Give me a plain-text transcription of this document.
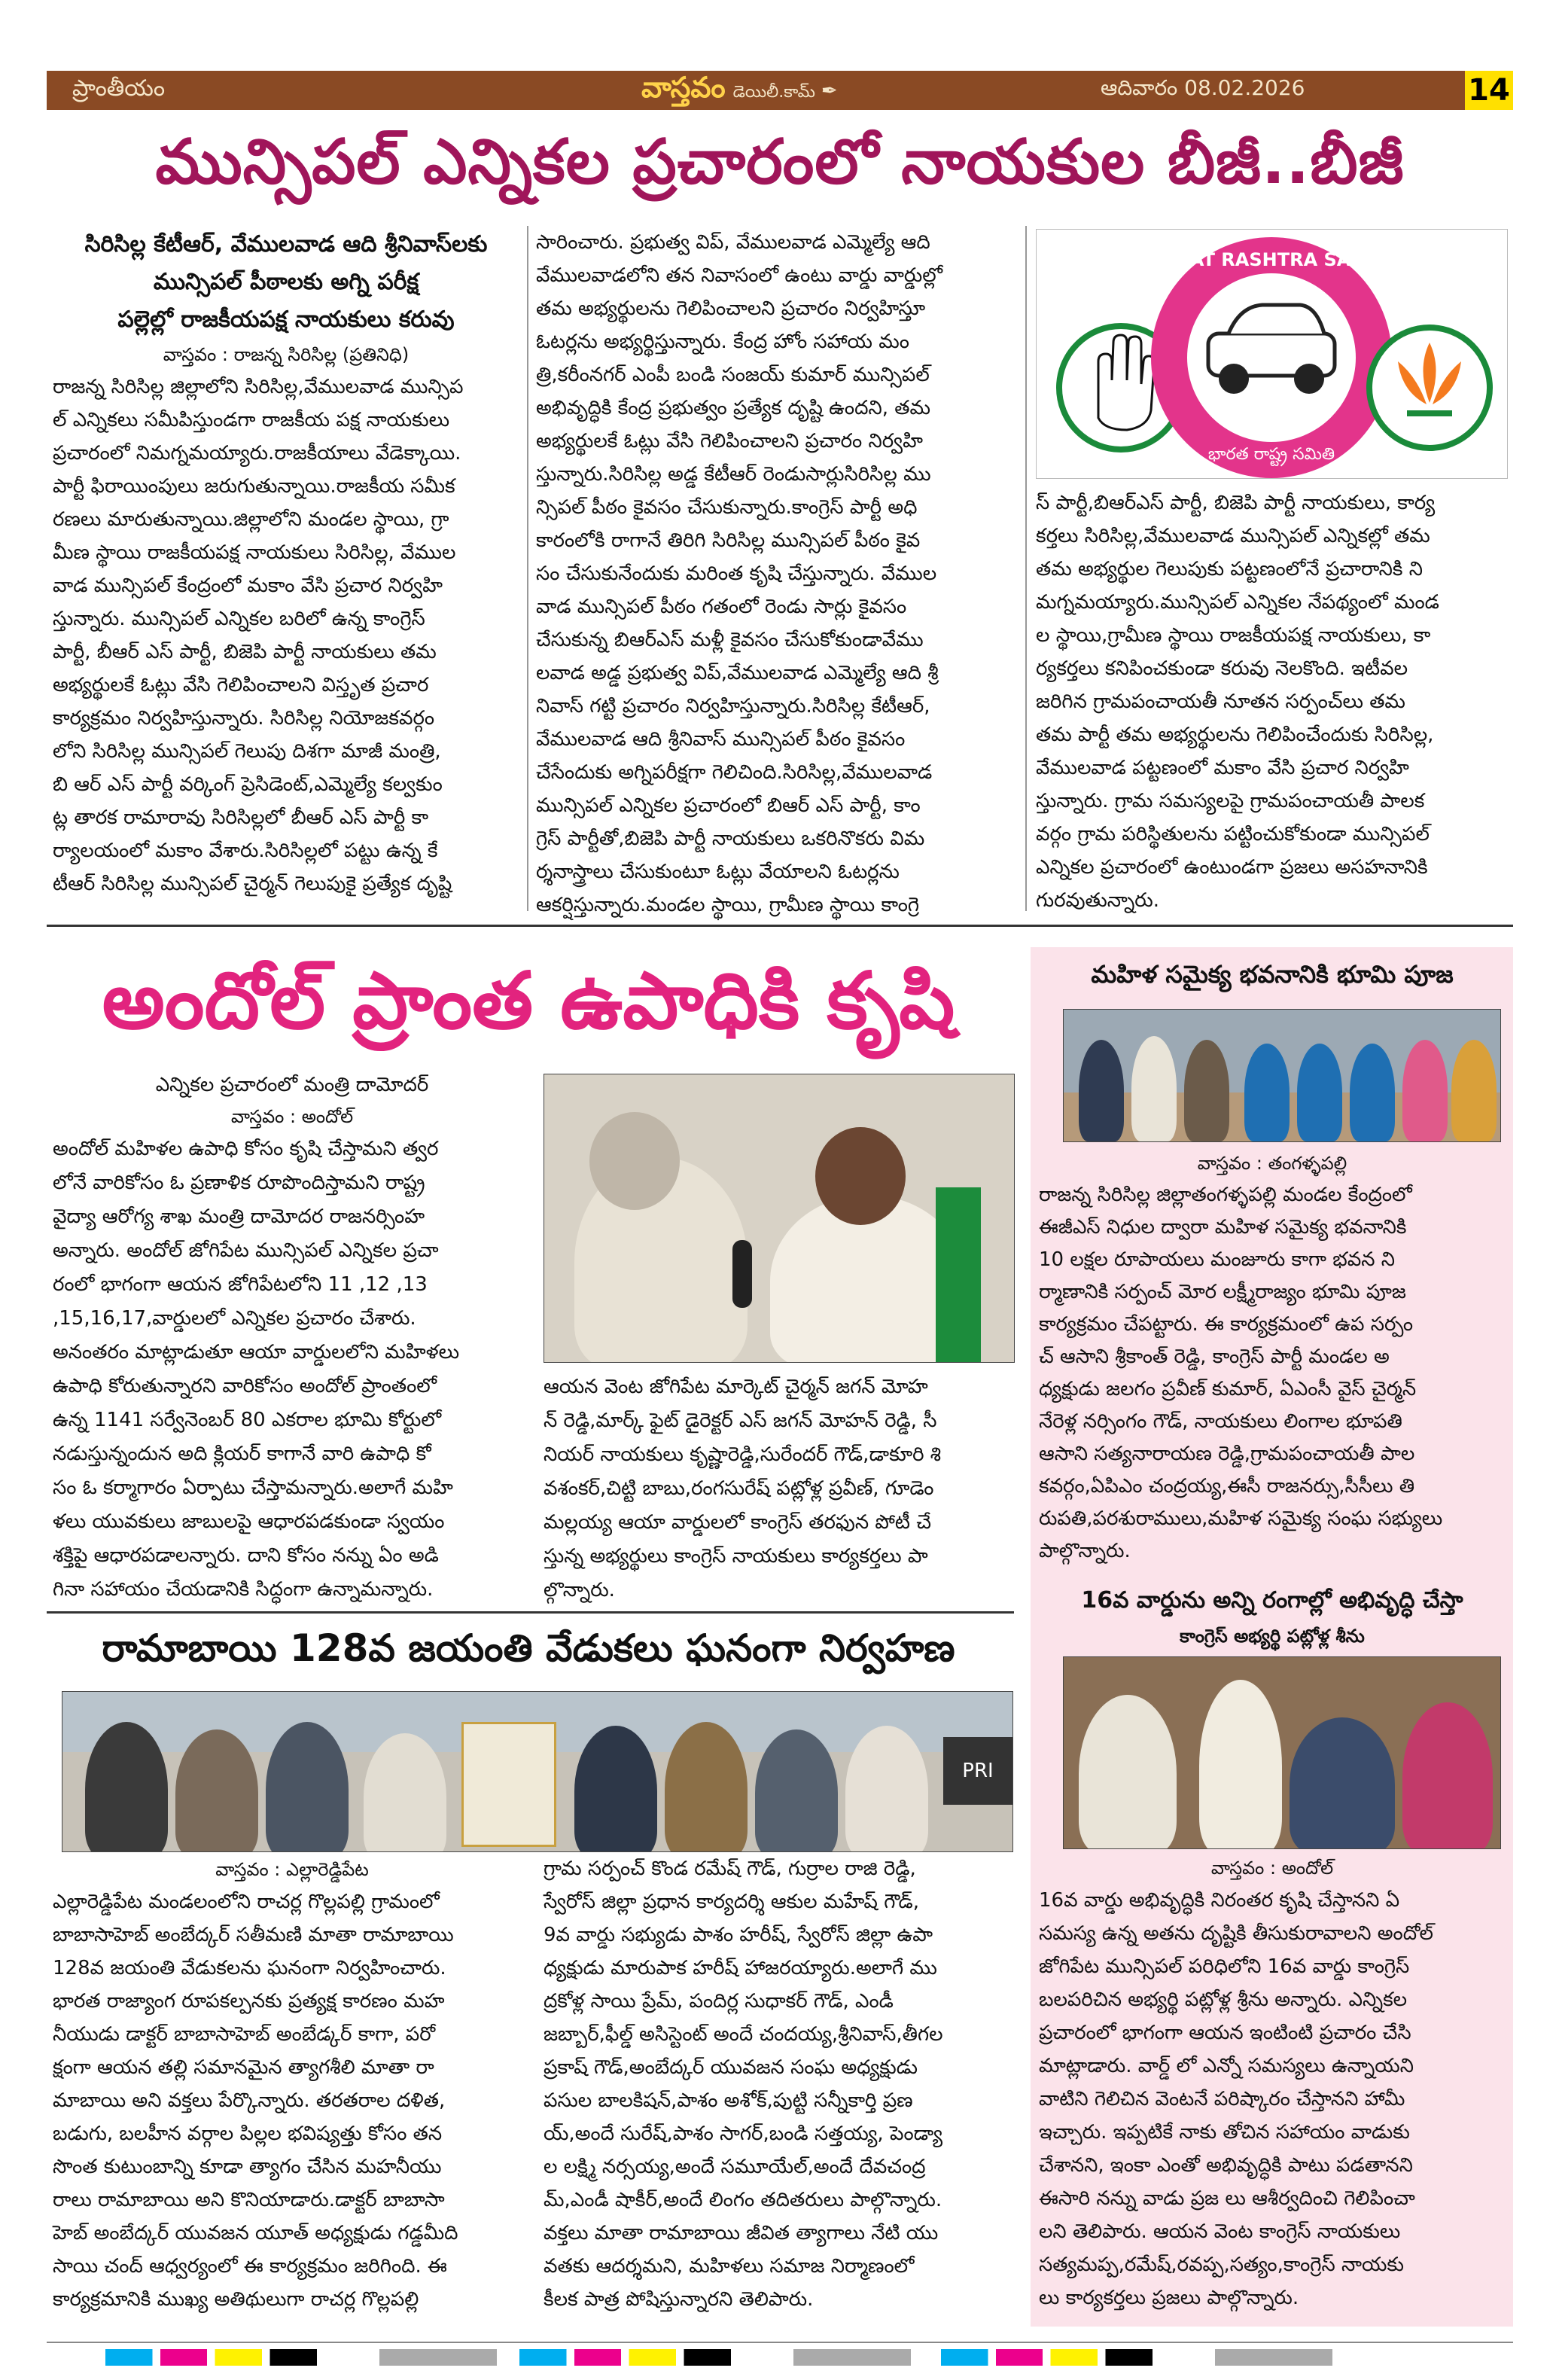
ప్రాంతీయం	వాస్తవం డెయిలీ.కామ్ ✒	ఆదివారం 08.02.2026	14
మున్సిపల్ ఎన్నికల ప్రచారంలో నాయకుల బీజీ..బీజీ

సిరిసిల్ల కేటీఆర్, వేములవాడ ఆది శ్రీనివాస్‌లకు

మున్సిపల్ పీఠాలకు అగ్ని పరీక్ష

పల్లెల్లో రాజకీయపక్ష నాయకులు కరువు

వాస్తవం : రాజన్న సిరిసిల్ల (ప్రతినిధి)

రాజన్న సిరిసిల్ల జిల్లాలోని సిరిసిల్ల,వేములవాడ మున్సిప

ల్ ఎన్నికలు సమీపిస్తుండగా రాజకీయ పక్ష నాయకులు

ప్రచారంలో నిమగ్నమయ్యారు.రాజకీయాలు వేడెక్కాయి.

పార్టీ ఫిరాయింపులు జరుగుతున్నాయి.రాజకీయ సమీక

రణలు మారుతున్నాయి.జిల్లాలోని మండల స్థాయి, గ్రా

మీణ స్థాయి రాజకీయపక్ష నాయకులు సిరిసిల్ల, వేముల

వాడ మున్సిపల్ కేంద్రంలో మకాం వేసి ప్రచార నిర్వహి

స్తున్నారు. మున్సిపల్ ఎన్నికల బరిలో ఉన్న కాంగ్రెస్

పార్టీ, బీఆర్ ఎస్ పార్టీ, బిజెపి పార్టీ నాయకులు తమ

అభ్యర్థులకే ఓట్లు వేసి గెలిపించాలని విస్తృత ప్రచార

కార్యక్రమం నిర్వహిస్తున్నారు. సిరిసిల్ల నియోజకవర్గం

లోని సిరిసిల్ల మున్సిపల్ గెలుపు దిశగా మాజీ మంత్రి,

బి ఆర్ ఎస్ పార్టీ వర్కింగ్ ప్రెసిడెంట్,ఎమ్మెల్యే కల్వకుం

ట్ల తారక రామారావు సిరిసిల్లలో బీఆర్ ఎస్ పార్టీ కా

ర్యాలయంలో మకాం వేశారు.సిరిసిల్లలో పట్టు ఉన్న కే

టీఆర్ సిరిసిల్ల మున్సిపల్ చైర్మన్ గెలుపుకై ప్రత్యేక దృష్టి

సారించారు. ప్రభుత్వ విప్, వేములవాడ ఎమ్మెల్యే ఆది

వేములవాడలోని తన నివాసంలో ఉంటు వార్డు వార్డుల్లో

తమ అభ్యర్థులను గెలిపించాలని ప్రచారం నిర్వహిస్తూ

ఓటర్లను అభ్యర్థిస్తున్నారు. కేంద్ర హోం సహాయ మం

త్రి,కరీంనగర్ ఎంపీ బండి సంజయ్ కుమార్ మున్సిపల్

అభివృద్ధికి కేంద్ర ప్రభుత్వం ప్రత్యేక దృష్టి ఉందని, తమ

అభ్యర్థులకే ఓట్లు వేసి గెలిపించాలని ప్రచారం నిర్వహి

స్తున్నారు.సిరిసిల్ల అడ్డ కేటీఆర్ రెండుసార్లుసిరిసిల్ల ము

న్సిపల్ పీఠం కైవసం చేసుకున్నారు.కాంగ్రెస్ పార్టీ అధి

కారంలోకి రాగానే తిరిగి సిరిసిల్ల మున్సిపల్ పీఠం కైవ

సం చేసుకునేందుకు మరింత కృషి చేస్తున్నారు. వేముల

వాడ మున్సిపల్ పీఠం గతంలో రెండు సార్లు కైవసం

చేసుకున్న బిఆర్ఎస్ మళ్లీ కైవసం చేసుకోకుండావేము

లవాడ అడ్డ ప్రభుత్వ విప్,వేములవాడ ఎమ్మెల్యే ఆది శ్రీ

నివాస్ గట్టి ప్రచారం నిర్వహిస్తున్నారు.సిరిసిల్ల కేటీఆర్,

వేములవాడ ఆది శ్రీనివాస్ మున్సిపల్ పీఠం కైవసం

చేసేందుకు అగ్నిపరీక్షగా గెలిచింది.సిరిసిల్ల,వేములవాడ

మున్సిపల్ ఎన్నికల ప్రచారంలో బిఆర్ ఎస్ పార్టీ, కాం

గ్రెస్ పార్టీతో,బిజెపి పార్టీ నాయకులు ఒకరినొకరు విమ

ర్శనాస్త్రాలు చేసుకుంటూ ఓట్లు వేయాలని ఓటర్లను

ఆకర్షిస్తున్నారు.మండల స్థాయి, గ్రామీణ స్థాయి కాంగ్రె

BHARAT RASHTRA SAMITHI
భారత రాష్ట్ర సమితి

స్ పార్టీ,బిఆర్ఎస్ పార్టీ, బిజెపి పార్టీ నాయకులు, కార్య

కర్తలు సిరిసిల్ల,వేములవాడ మున్సిపల్ ఎన్నికల్లో తమ

తమ అభ్యర్థుల గెలుపుకు పట్టణంలోనే ప్రచారానికి ని

మగ్నమయ్యారు.మున్సిపల్ ఎన్నికల నేపథ్యంలో మండ

ల స్థాయి,గ్రామీణ స్థాయి రాజకీయపక్ష నాయకులు, కా

ర్యకర్తలు కనిపించకుండా కరువు నెలకొంది. ఇటీవల

జరిగిన గ్రామపంచాయతీ నూతన సర్పంచ్‌లు తమ

తమ పార్టీ తమ అభ్యర్థులను గెలిపించేందుకు సిరిసిల్ల,

వేములవాడ పట్టణంలో మకాం వేసి ప్రచార నిర్వహి

స్తున్నారు. గ్రామ సమస్యలపై గ్రామపంచాయతీ పాలక

వర్గం గ్రామ పరిస్థితులను పట్టించుకోకుండా మున్సిపల్

ఎన్నికల ప్రచారంలో ఉంటుండగా ప్రజలు అసహనానికి

గురవుతున్నారు.

అందోల్ ప్రాంత ఉపాధికి కృషి

ఎన్నికల ప్రచారంలో మంత్రి దామోదర్

వాస్తవం : అందోల్

అందోల్ మహిళల ఉపాధి కోసం కృషి చేస్తామని త్వర

లోనే వారికోసం ఓ ప్రణాళిక రూపొందిస్తామని రాష్ట్ర

వైద్యా ఆరోగ్య శాఖ మంత్రి దామోదర రాజనర్సింహ

అన్నారు. అందోల్ జోగిపేట మున్సిపల్ ఎన్నికల ప్రచా

రంలో భాగంగా ఆయన జోగిపేటలోని 11 ,12 ,13

,15,16,17,వార్డులలో ఎన్నికల ప్రచారం చేశారు.

అనంతరం మాట్లాడుతూ ఆయా వార్డులలోని మహిళలు

ఉపాధి కోరుతున్నారని వారికోసం అందోల్ ప్రాంతంలో

ఉన్న 1141 సర్వేనెంబర్ 80 ఎకరాల భూమి కోర్టులో

నడుస్తున్నందున అది క్లియర్ కాగానే వారి ఉపాధి కో

సం ఓ కర్మాగారం ఏర్పాటు చేస్తామన్నారు.అలాగే మహి

ళలు యువకులు జాబులపై ఆధారపడకుండా స్వయం

శక్తిపై ఆధారపడాలన్నారు. దాని కోసం నన్ను ఏం అడి

గినా సహాయం చేయడానికి సిద్ధంగా ఉన్నామన్నారు.

ఆయన వెంట జోగిపేట మార్కెట్ చైర్మన్ జగన్ మోహ

న్ రెడ్డి,మార్క్ ఫైట్ డైరెక్టర్ ఎస్ జగన్ మోహన్ రెడ్డి, సీ

నియర్ నాయకులు కృష్ణారెడ్డి,సురేందర్ గౌడ్,డాకూరి శి

వశంకర్,చిట్టి బాబు,రంగసురేష్ పట్లోళ్ల ప్రవీణ్, గూడెం

మల్లయ్య ఆయా వార్డులలో కాంగ్రెస్ తరఫున పోటీ చే

స్తున్న అభ్యర్థులు కాంగ్రెస్ నాయకులు కార్యకర్తలు పా

ల్గొన్నారు.

రామాబాయి 128వ జయంతి వేడుకలు ఘనంగా నిర్వహణ
PRI

వాస్తవం : ఎల్లారెడ్డిపేట

ఎల్లారెడ్డిపేట మండలంలోని రాచర్ల గొల్లపల్లి గ్రామంలో

బాబాసాహెబ్ అంబేద్కర్ సతీమణి మాతా రామాబాయి

128వ జయంతి వేడుకలను ఘనంగా నిర్వహించారు.

భారత రాజ్యాంగ రూపకల్పనకు ప్రత్యక్ష కారణం మహ

నీయుడు డాక్టర్ బాబాసాహెబ్ అంబేడ్కర్ కాగా, పరో

క్షంగా ఆయన తల్లి సమానమైన త్యాగశీలి మాతా రా

మాబాయి అని వక్తలు పేర్కొన్నారు. తరతరాల దళిత,

బడుగు, బలహీన వర్గాల పిల్లల భవిష్యత్తు కోసం తన

సొంత కుటుంబాన్ని కూడా త్యాగం చేసిన మహనీయు

రాలు రామాబాయి అని కొనియాడారు.డాక్టర్ బాబాసా

హెబ్ అంబేద్కర్ యువజన యూత్ అధ్యక్షుడు గడ్డమీది

సాయి చంద్ ఆధ్వర్యంలో ఈ కార్యక్రమం జరిగింది. ఈ

కార్యక్రమానికి ముఖ్య అతిథులుగా రాచర్ల గొల్లపల్లి

గ్రామ సర్పంచ్ కొండ రమేష్ గౌడ్, గుర్రాల రాజి రెడ్డి,

స్వేరోస్ జిల్లా ప్రధాన కార్యదర్శి ఆకుల మహేష్ గౌడ్,

9వ వార్డు సభ్యుడు పాశం హరీష్, స్వేరోస్ జిల్లా ఉపా

ధ్యక్షుడు మారుపాక హరీష్ హాజరయ్యారు.అలాగే ము

ద్రకోళ్ల సాయి ప్రేమ్, పందిర్ల సుధాకర్ గౌడ్, ఎండీ

జబ్బార్,ఫీల్డ్ అసిస్టెంట్ అందే చందయ్య,శ్రీనివాస్,తీగల

ప్రకాష్ గౌడ్,అంబేద్కర్ యువజన సంఘ అధ్యక్షుడు

పసుల బాలకిషన్,పాశం అశోక్,పుట్టి సన్నీకార్తి ప్రణ

య్,అందే సురేష్,పాశం సాగర్,బండి సత్తయ్య, పెండ్యా

ల లక్ష్మి నర్సయ్య,అందే సమూయేల్,అందే దేవచంద్ర

మ్,ఎండీ షాకీర్,అందే లింగం తదితరులు పాల్గొన్నారు.

వక్తలు మాతా రామాబాయి జీవిత త్యాగాలు నేటి యు

వతకు ఆదర్శమని, మహిళలు సమాజ నిర్మాణంలో

కీలక పాత్ర పోషిస్తున్నారని తెలిపారు.

మహిళ సమైక్య భవనానికి భూమి పూజ

వాస్తవం : తంగళ్ళపల్లి

రాజన్న సిరిసిల్ల జిల్లాతంగళ్ళపల్లి మండల కేంద్రంలో

ఈజీఎస్ నిధుల ద్వారా మహిళ సమైక్య భవనానికి

10 లక్షల రూపాయలు మంజూరు కాగా భవన ని

ర్మాణానికి సర్పంచ్ మోర లక్ష్మీరాజ్యం భూమి పూజ

కార్యక్రమం చేపట్టారు. ఈ కార్యక్రమంలో ఉప సర్పం

చ్ ఆసాని శ్రీకాంత్ రెడ్డి, కాంగ్రెస్ పార్టీ మండల అ

ధ్యక్షుడు జలగం ప్రవీణ్ కుమార్, ఏఎంసీ వైస్ చైర్మన్

నేరెళ్ల నర్సింగం గౌడ్, నాయకులు లింగాల భూపతి

ఆసాని సత్యనారాయణ రెడ్డి,గ్రామపంచాయతీ పాల

కవర్గం,ఏపిఎం చంద్రయ్య,ఈసీ రాజనర్సు,సీసీలు తి

రుపతి,పరశురాములు,మహిళ సమైక్య సంఘ సభ్యులు

పాల్గొన్నారు.

16వ వార్డును అన్ని రంగాల్లో అభివృద్ధి చేస్తా

కాంగ్రెస్ అభ్యర్థి పట్లోళ్ల శీను

వాస్తవం : అందోల్

16వ వార్డు అభివృద్ధికి నిరంతర కృషి చేస్తానని ఏ

సమస్య ఉన్న అతను దృష్టికి తీసుకురావాలని అందోల్

జోగిపేట మున్సిపల్ పరిధిలోని 16వ వార్డు కాంగ్రెస్

బలపరిచిన అభ్యర్థి పట్లోళ్ల శ్రీను అన్నారు. ఎన్నికల

ప్రచారంలో భాగంగా ఆయన ఇంటింటి ప్రచారం చేసి

మాట్లాడారు. వార్డ్ లో ఎన్నో సమస్యలు ఉన్నాయని

వాటిని గెలిచిన వెంటనే పరిష్కారం చేస్తానని హామీ

ఇచ్చారు. ఇప్పటికే నాకు తోచిన సహాయం వాడుకు

చేశానని, ఇంకా ఎంతో అభివృద్ధికి పాటు పడతానని

ఈసారి నన్ను వాడు ప్రజ లు ఆశీర్వదించి గెలిపించా

లని తెలిపారు. ఆయన వెంట కాంగ్రెస్ నాయకులు

సత్యమప్ప,రమేష్,రవప్ప,సత్యం,కాంగ్రెస్ నాయకు

లు కార్యకర్తలు ప్రజలు పాల్గొన్నారు.
